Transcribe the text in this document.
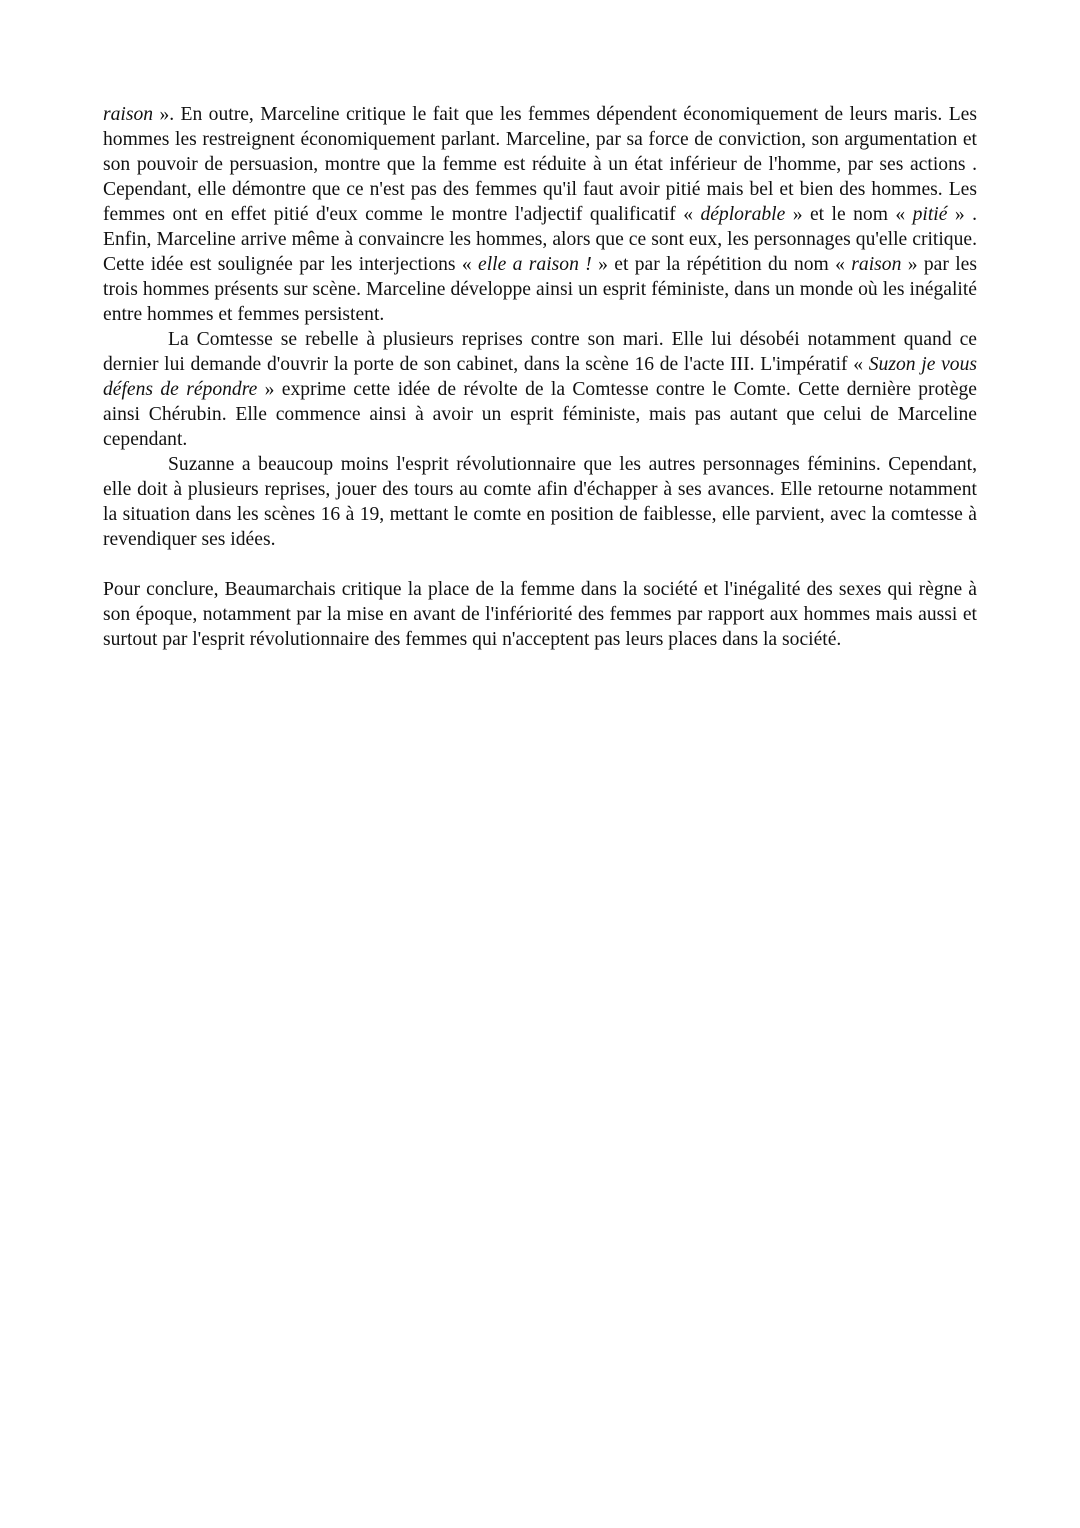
raison ». En outre, Marceline critique le fait que les femmes dépendent économiquement de leurs maris. Les hommes les restreignent économiquement parlant. Marceline, par sa force de conviction, son argumentation et son pouvoir de persuasion, montre que la femme est réduite à un état inférieur de l'homme, par ses actions . Cependant, elle démontre que ce n'est pas des femmes qu'il faut avoir pitié mais bel et bien des hommes. Les femmes ont en effet pitié d'eux comme le montre l'adjectif qualificatif « déplorable » et le nom « pitié » . Enfin, Marceline arrive même à convaincre les hommes, alors que ce sont eux, les personnages qu'elle critique. Cette idée est soulignée par les interjections « elle a raison ! » et par la répétition du nom « raison » par les trois hommes présents sur scène. Marceline développe ainsi un esprit féministe, dans un monde où les inégalité entre hommes et femmes persistent.

La Comtesse se rebelle à plusieurs reprises contre son mari. Elle lui désobéi notamment quand ce dernier lui demande d'ouvrir la porte de son cabinet, dans la scène 16 de l'acte III. L'impératif « Suzon je vous défens de répondre » exprime cette idée de révolte de la Comtesse contre le Comte. Cette dernière protège ainsi Chérubin. Elle commence ainsi à avoir un esprit féministe, mais pas autant que celui de Marceline cependant.

Suzanne a beaucoup moins l'esprit révolutionnaire que les autres personnages féminins. Cependant, elle doit à plusieurs reprises, jouer des tours au comte afin d'échapper à ses avances. Elle retourne notamment la situation dans les scènes 16 à 19, mettant le comte en position de faiblesse, elle parvient, avec la comtesse à revendiquer ses idées.

Pour conclure, Beaumarchais critique la place de la femme dans la société et l'inégalité des sexes qui règne à son époque, notamment par la mise en avant de l'infériorité des femmes par rapport aux hommes mais aussi et surtout par l'esprit révolutionnaire des femmes qui n'acceptent pas leurs places dans la société.
